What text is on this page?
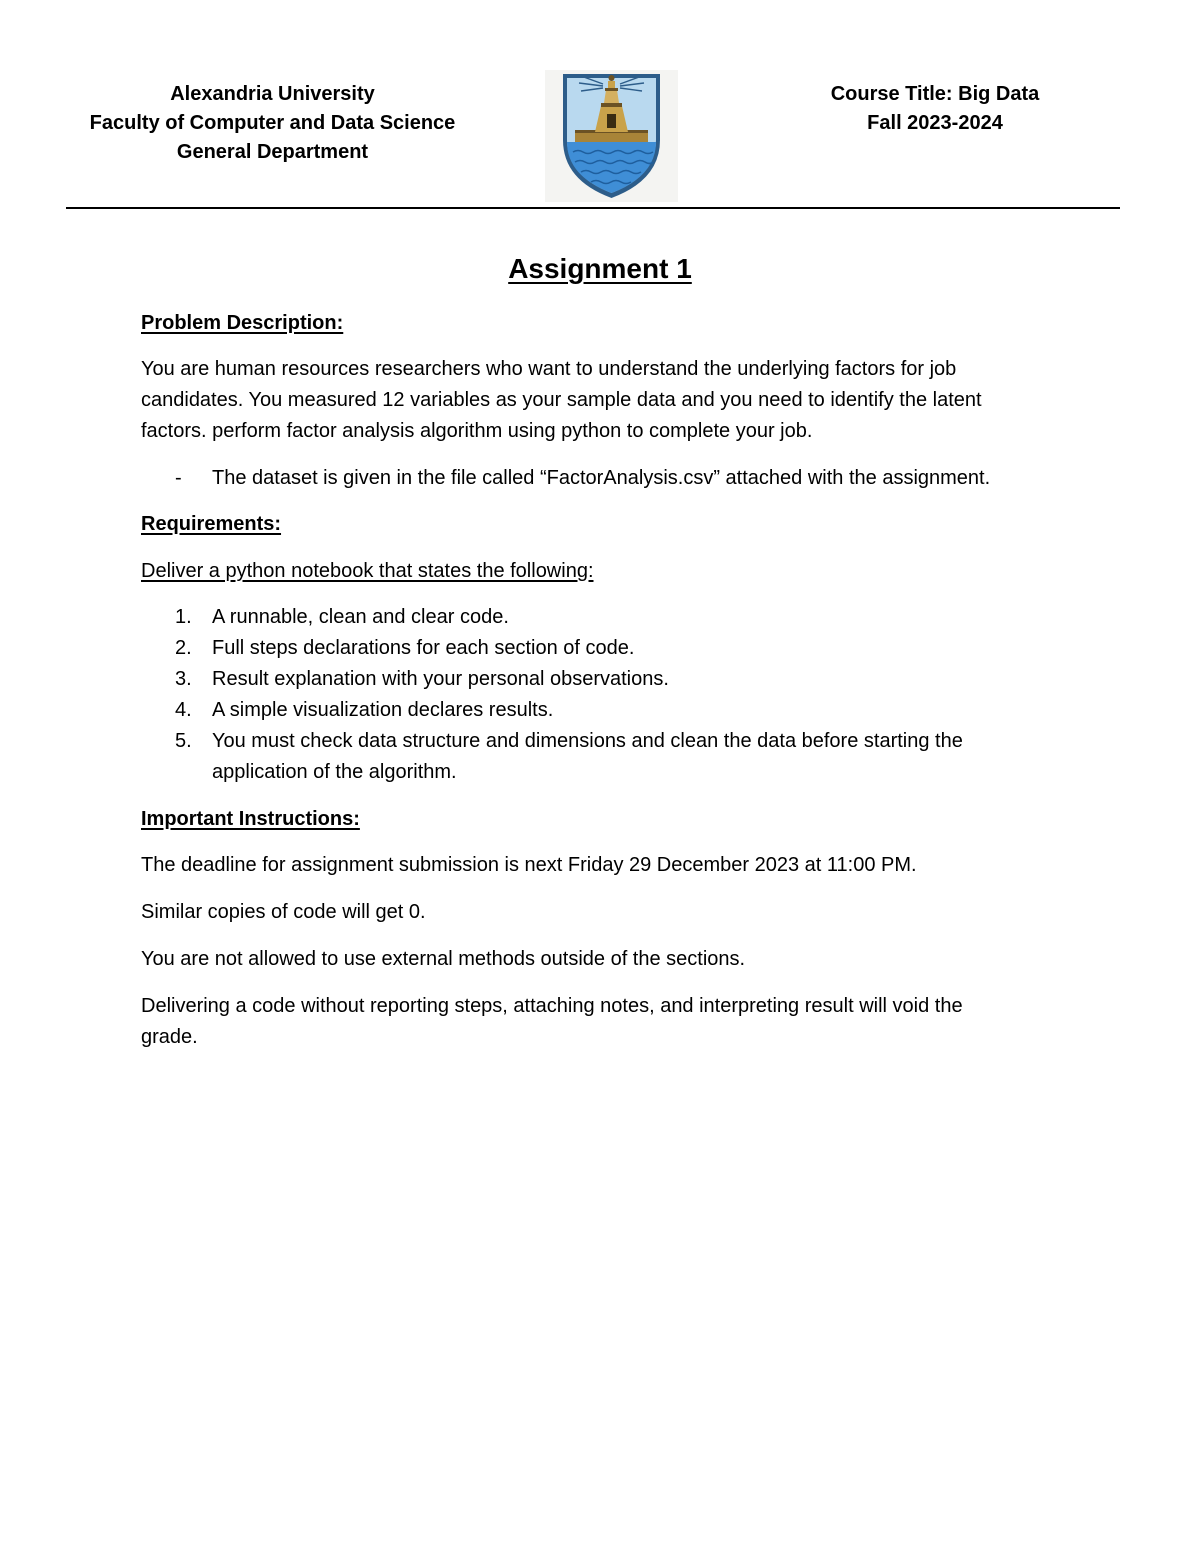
Alexandria University
Faculty of Computer and Data Science
General Department
Course Title: Big Data
Fall 2023-2024
Assignment 1
Problem Description:
You are human resources researchers who want to understand the underlying factors for job
candidates. You measured 12 variables as your sample data and you need to identify the latent
factors. perform factor analysis algorithm using python to complete your job.
- The dataset is given in the file called “FactorAnalysis.csv” attached with the assignment.
Requirements:
Deliver a python notebook that states the following:
1.	A runnable, clean and clear code.
2.	Full steps declarations for each section of code.
3.	Result explanation with your personal observations.
4.	A simple visualization declares results.
5.	You must check data structure and dimensions and clean the data before starting the
application of the algorithm.
Important Instructions:
The deadline for assignment submission is next Friday 29 December 2023 at 11:00 PM.
Similar copies of code will get 0.
You are not allowed to use external methods outside of the sections.
Delivering a code without reporting steps, attaching notes, and interpreting result will void the
grade.
